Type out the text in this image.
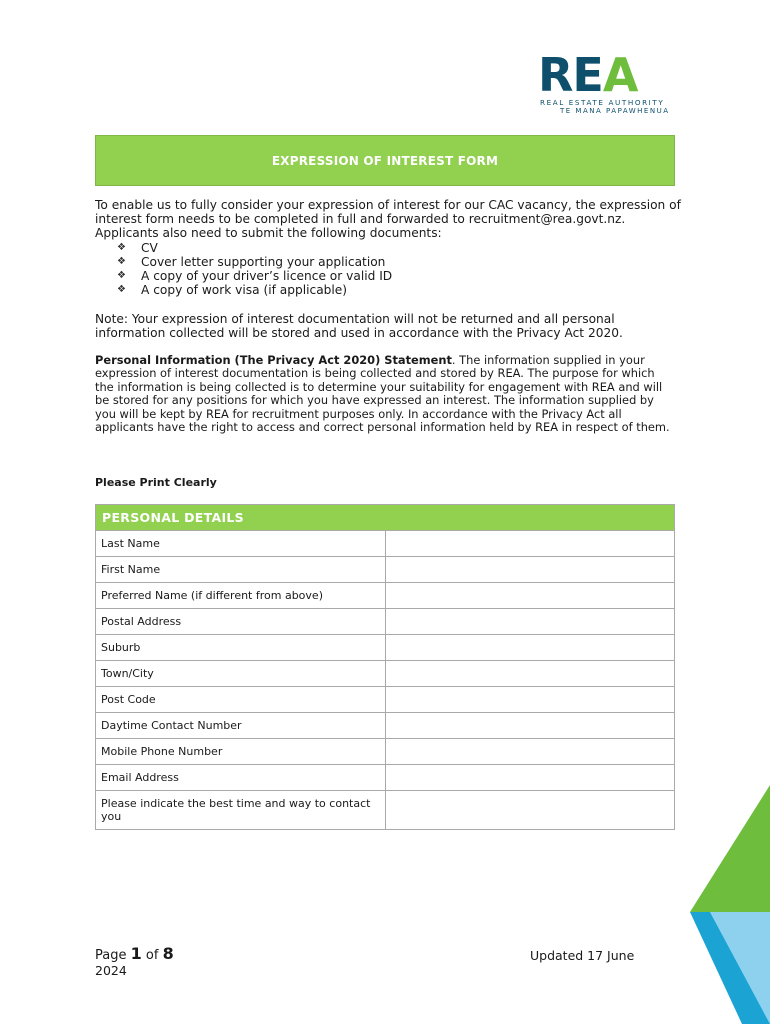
REA
REAL ESTATE AUTHORITY
TE MANA PAPAWHENUA
EXPRESSION OF INTEREST FORM

To enable us to fully consider your expression of interest for our CAC vacancy, the expression of interest form needs to be completed in full and forwarded to recruitment@rea.govt.nz. Applicants also need to submit the following documents:

❖	CV
❖	Cover letter supporting your application
❖	A copy of your driver’s licence or valid ID
❖	A copy of work visa (if applicable)

Note: Your expression of interest documentation will not be returned and all personal information collected will be stored and used in accordance with the Privacy Act 2020.

Personal Information (The Privacy Act 2020) Statement. The information supplied in your expression of interest documentation is being collected and stored by REA. The purpose for which the information is being collected is to determine your suitability for engagement with REA and will be stored for any positions for which you have expressed an interest. The information supplied by you will be kept by REA for recruitment purposes only. In accordance with the Privacy Act all applicants have the right to access and correct personal information held by REA in respect of them.

Please Print Clearly

PERSONAL DETAILS	
Last Name	
First Name	
Preferred Name (if different from above)	
Postal Address	
Suburb	
Town/City	
Post Code	
Daytime Contact Number	
Mobile Phone Number	
Email Address	
Please indicate the best time and way to contact you	
Page 1 of 8
2024
Updated 17 June
